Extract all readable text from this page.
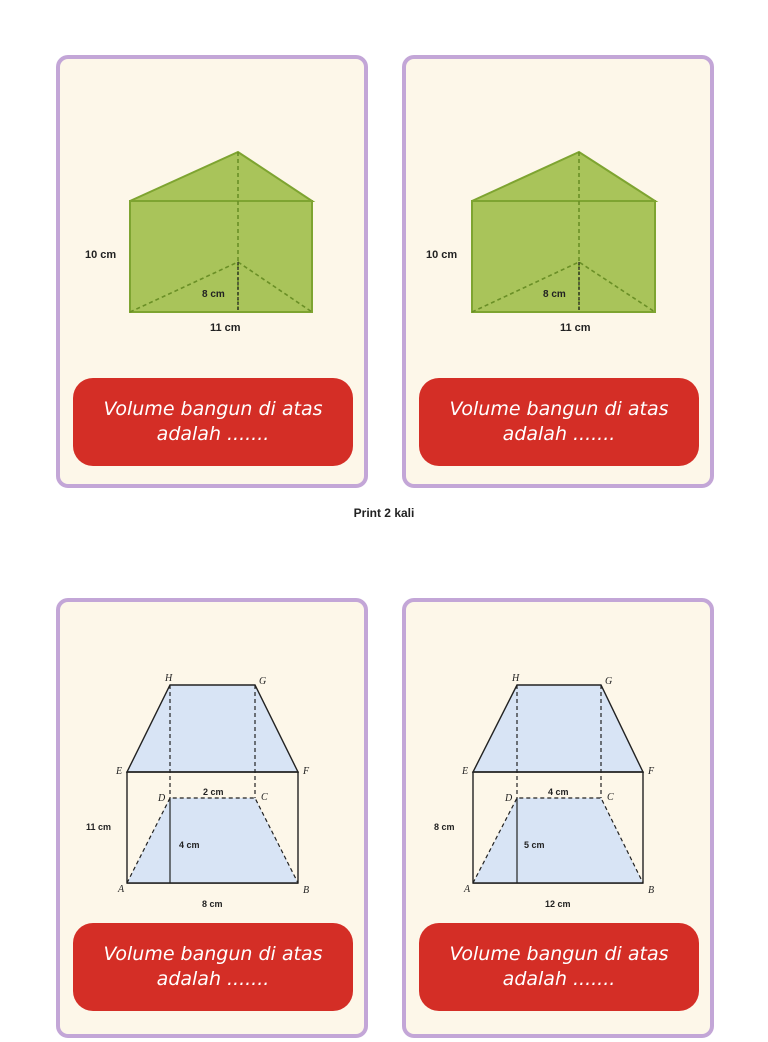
10 cm
8 cm
11 cm
Volume bangun di atas
adalah .......
10 cm
8 cm
11 cm
Volume bangun di atas
adalah .......
Print 2 kali
H	G
E	F
D	C
A	B
2 cm
4 cm
11 cm
8 cm
Volume bangun di atas
adalah .......
H	G
E	F
D	C
A	B
4 cm
5 cm
8 cm
12 cm
Volume bangun di atas
adalah .......
